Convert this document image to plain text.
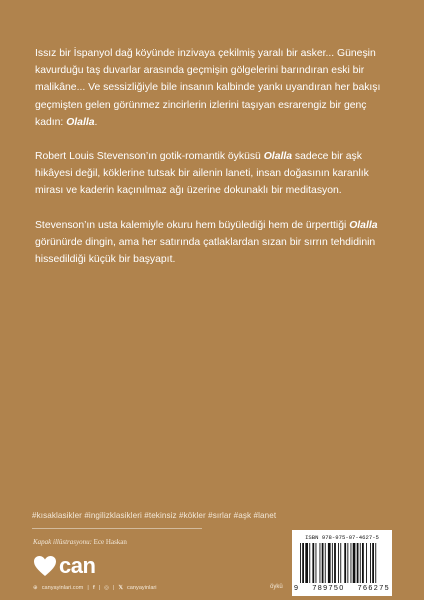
Issız bir İspanyol dağ köyünde inzivaya çekilmiş yaralı bir asker... Güneşin kavurduğu taş duvarlar arasında geçmişin gölgelerini barındıran eski bir malikâne... Ve sessizliğiyle bile insanın kalbinde yankı uyandıran her bakışı geçmişten gelen görünmez zincirlerin izlerini taşıyan esrarengiz bir genç kadın: Olalla.

Robert Louis Stevenson’ın gotik-romantik öyküsü Olalla sadece bir aşk hikâyesi değil, köklerine tutsak bir ailenin laneti, insan doğasının karanlık mirası ve kaderin kaçınılmaz ağı üzerine dokunaklı bir meditasyon.

Stevenson’ın usta kalemiyle okuru hem büyülediği hem de ürperttiği Olalla görünürde dingin, ama her satırında çatlaklardan sızan bir sırrın tehdidinin hissedildiği küçük bir başyapıt.

#kısaklasikler #ingilizklasikleri #tekinsiz #kökler #sırlar #aşk #lanet
Kapak illüstrasyonu: Ece Haskan
can
⊕ canyayinlari.com | f | ◎ | 𝕏 canyayinlari	öykü
ISBN 978-975-07-4627-5
9 789750 766275
